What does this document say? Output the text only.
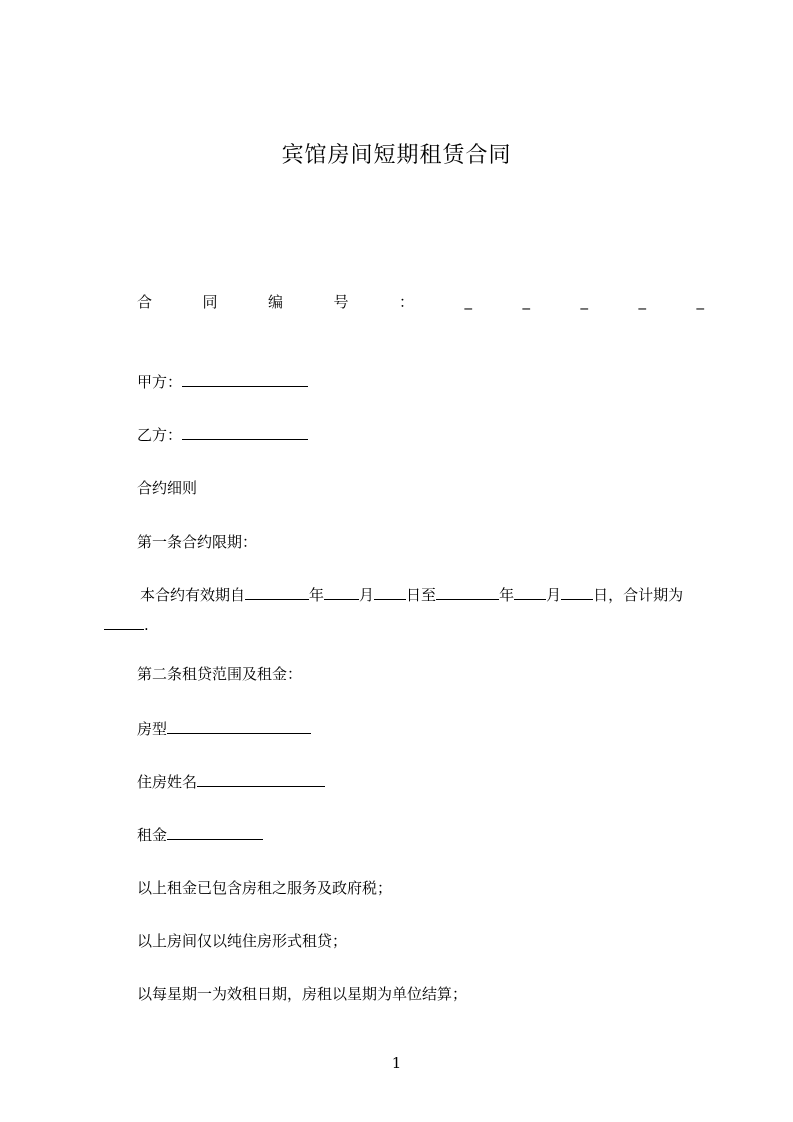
宾馆房间短期租赁合同
合	同	编	号	：	_	_	_	_	_
甲方：
乙方：
合约细则
第一条合约限期：
本合约有效期自	年 月 日至	年 月 日，合计期为
.
第二条租贷范围及租金：
房型
住房姓名
租金
以上租金已包含房租之服务及政府税；
以上房间仅以纯住房形式租贷；
以每星期一为效租日期，房租以星期为单位结算；
1
